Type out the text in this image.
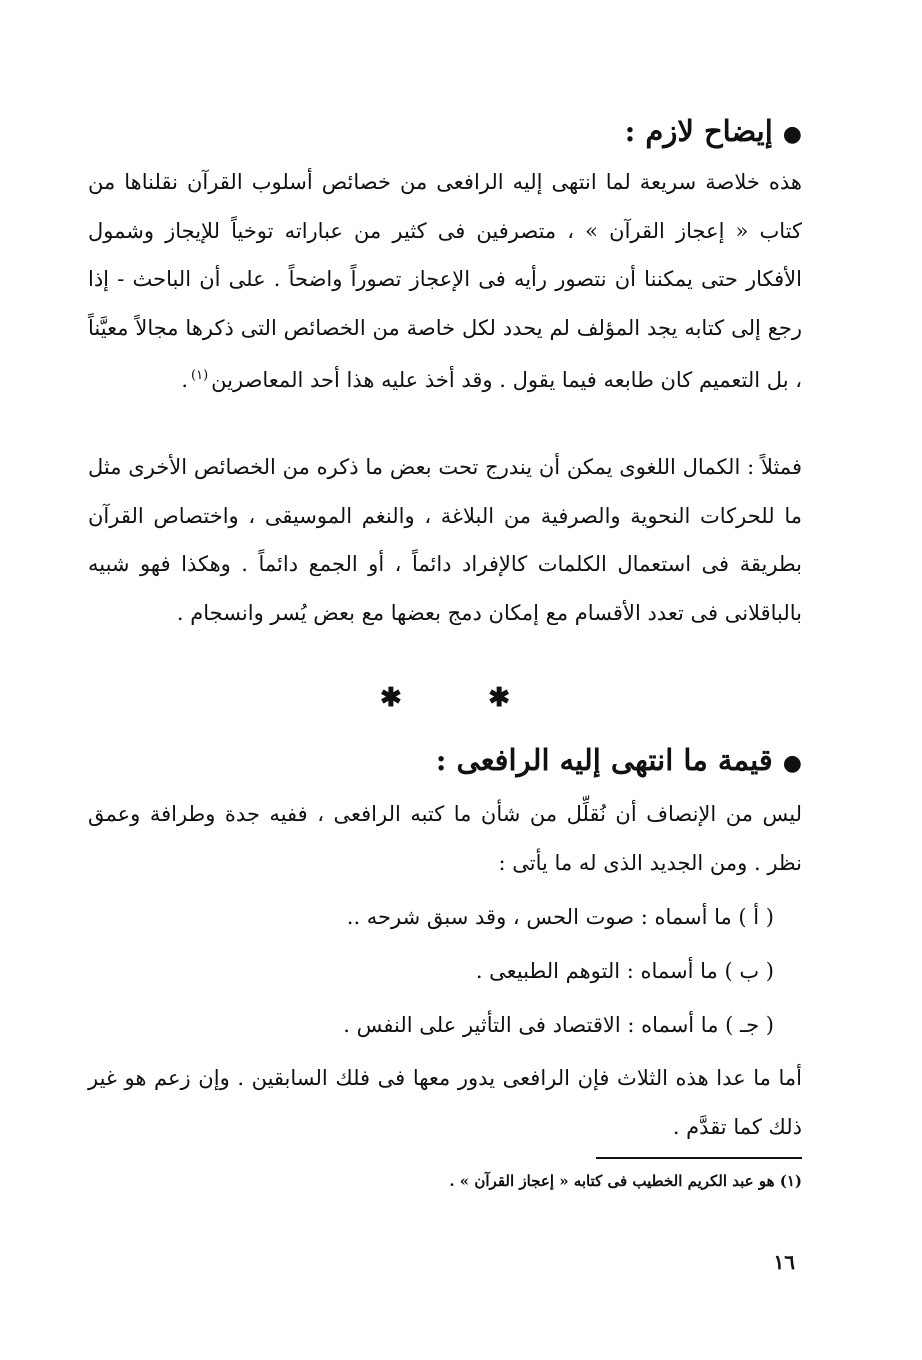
●إيضاح لازم :

هذه خلاصة سريعة لما انتهى إليه الرافعى من خصائص أسلوب القرآن نقلناها من كتاب « إعجاز القرآن » ، متصرفين فى كثير من عباراته توخياً للإيجاز وشمول الأفكار حتى يمكننا أن نتصور رأيه فى الإعجاز تصوراً واضحاً . على أن الباحث - إذا رجع إلى كتابه يجد المؤلف لم يحدد لكل خاصة من الخصائص التى ذكرها مجالاً معيَّناً ، بل التعميم كان طابعه فيما يقول . وقد أخذ عليه هذا أحد المعاصرين$^{(١)}$.

فمثلاً : الكمال اللغوى يمكن أن يندرج تحت بعض ما ذكره من الخصائص الأخرى مثل ما للحركات النحوية والصرفية من البلاغة ، والنغم الموسيقى ، واختصاص القرآن بطريقة فى استعمال الكلمات كالإفراد دائماً ، أو الجمع دائماً . وهكذا فهو شبيه بالباقلانى فى تعدد الأقسام مع إمكان دمج بعضها مع بعض يُسر وانسجام .

✱	✱
●قيمة ما انتهى إليه الرافعى :

ليس من الإنصاف أن نُقلِّل من شأن ما كتبه الرافعى ، ففيه جدة وطرافة وعمق نظر . ومن الجديد الذى له ما يأتى :

( أ ) ما أسماه : صوت الحس ، وقد سبق شرحه ..
( ب ) ما أسماه : التوهم الطبيعى .
( جـ ) ما أسماه : الاقتصاد فى التأثير على النفس .

أما ما عدا هذه الثلاث فإن الرافعى يدور معها فى فلك السابقين . وإن زعم هو غير ذلك كما تقدَّم .

(١) هو عبد الكريم الخطيب فى كتابه « إعجاز القرآن » .
١٦
